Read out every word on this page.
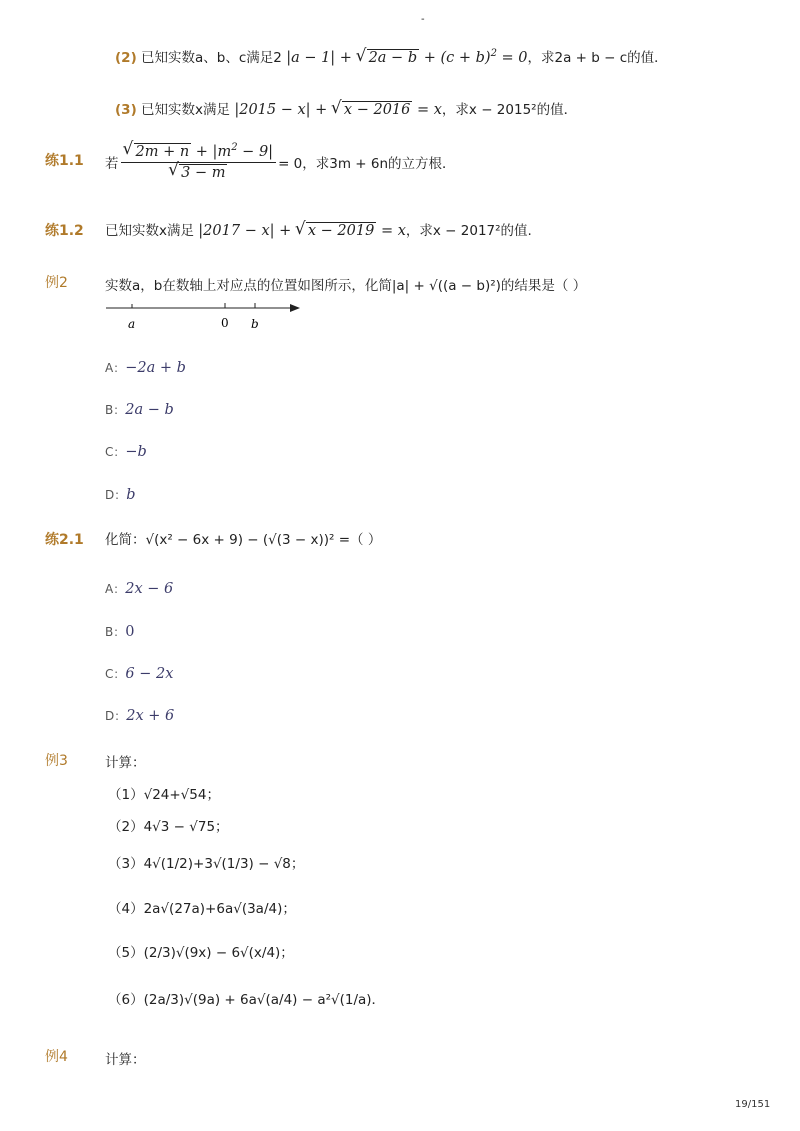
-
(2) 已知实数a、b、c满足2 |a − 1| + √ $2a - b + (c + b)^2 = 0$，求2a + b − c的值．
(3) 已知实数x满足 |2015 − x| + √ x − 2016 = x，求x − 2015²的值．
练1.1 若
√ $2m + n + |m^2 - 9|$
√ 3 − m = 0，求3m + 6n的立方根．
练1.2 已知实数x满足 |2017 − x| + √ x − 2019 = x，求x − 2017²的值.
例2	实数a，b在数轴上对应点的位置如图所示，化简|a| + √((a − b)²)的结果是（ ）
a	0 b
A：−2a + b
B：2a − b
C：−b
D：b
练2.1 化简：√(x² − 6x + 9) − (√(3 − x))² =（ ）
A：2x − 6
B：0
C：6 − 2x
D：2x + 6
例3	计算：
（1）√24+√54；
（2）4√3 − √75；
（3）4√(1/2)+3√(1/3) − √8；
（4）2a√(27a)+6a√(3a/4)；
（5）(2/3)√(9x) − 6√(x/4)；
（6）(2a/3)√(9a) + 6a√(a/4) − a²√(1/a)．
例4	计算：
19/151
